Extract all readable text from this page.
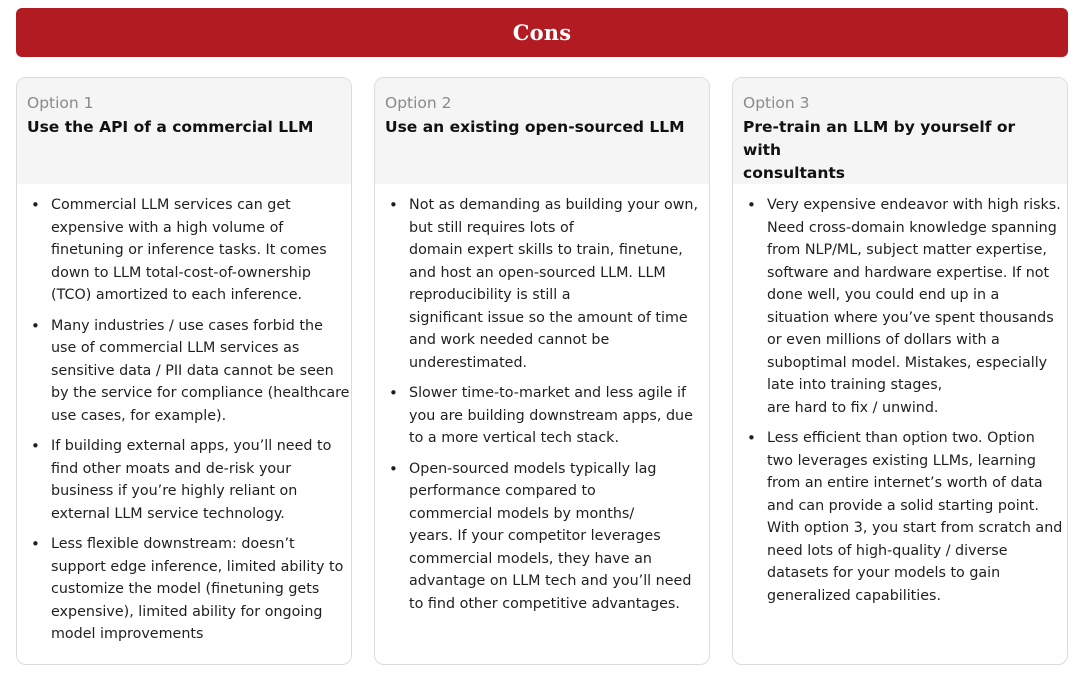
Cons
Option 1
Use the API of a commercial LLM
• Commercial LLM services can get
expensive with a high volume of
finetuning or inference tasks. It comes
down to LLM total-cost-of-ownership
(TCO) amortized to each inference.
• Many industries / use cases forbid the
use of commercial LLM services as
sensitive data / PII data cannot be seen
by the service for compliance (healthcare
use cases, for example).
• If building external apps, you’ll need to
find other moats and de-risk your
business if you’re highly reliant on
external LLM service technology.
• Less flexible downstream: doesn’t
support edge inference, limited ability to
customize the model (finetuning gets
expensive), limited ability for ongoing
model improvements
Option 2
Use an existing open-sourced LLM
• Not as demanding as building your own,
but still requires lots of
domain expert skills to train, finetune,
and host an open-sourced LLM. LLM
reproducibility is still a
significant issue so the amount of time
and work needed cannot be
underestimated.
• Slower time-to-market and less agile if
you are building downstream apps, due
to a more vertical tech stack.
• Open-sourced models typically lag
performance compared to
commercial models by months/
years. If your competitor leverages
commercial models, they have an
advantage on LLM tech and you’ll need
to find other competitive advantages.
Option 3
Pre-train an LLM by yourself or with
consultants
• Very expensive endeavor with high risks.
Need cross-domain knowledge spanning
from NLP/ML, subject matter expertise,
software and hardware expertise. If not
done well, you could end up in a
situation where you’ve spent thousands
or even millions of dollars with a
suboptimal model. Mistakes, especially
late into training stages,
are hard to fix / unwind.
• Less efficient than option two. Option
two leverages existing LLMs, learning
from an entire internet’s worth of data
and can provide a solid starting point.
With option 3, you start from scratch and
need lots of high-quality / diverse
datasets for your models to gain
generalized capabilities.
